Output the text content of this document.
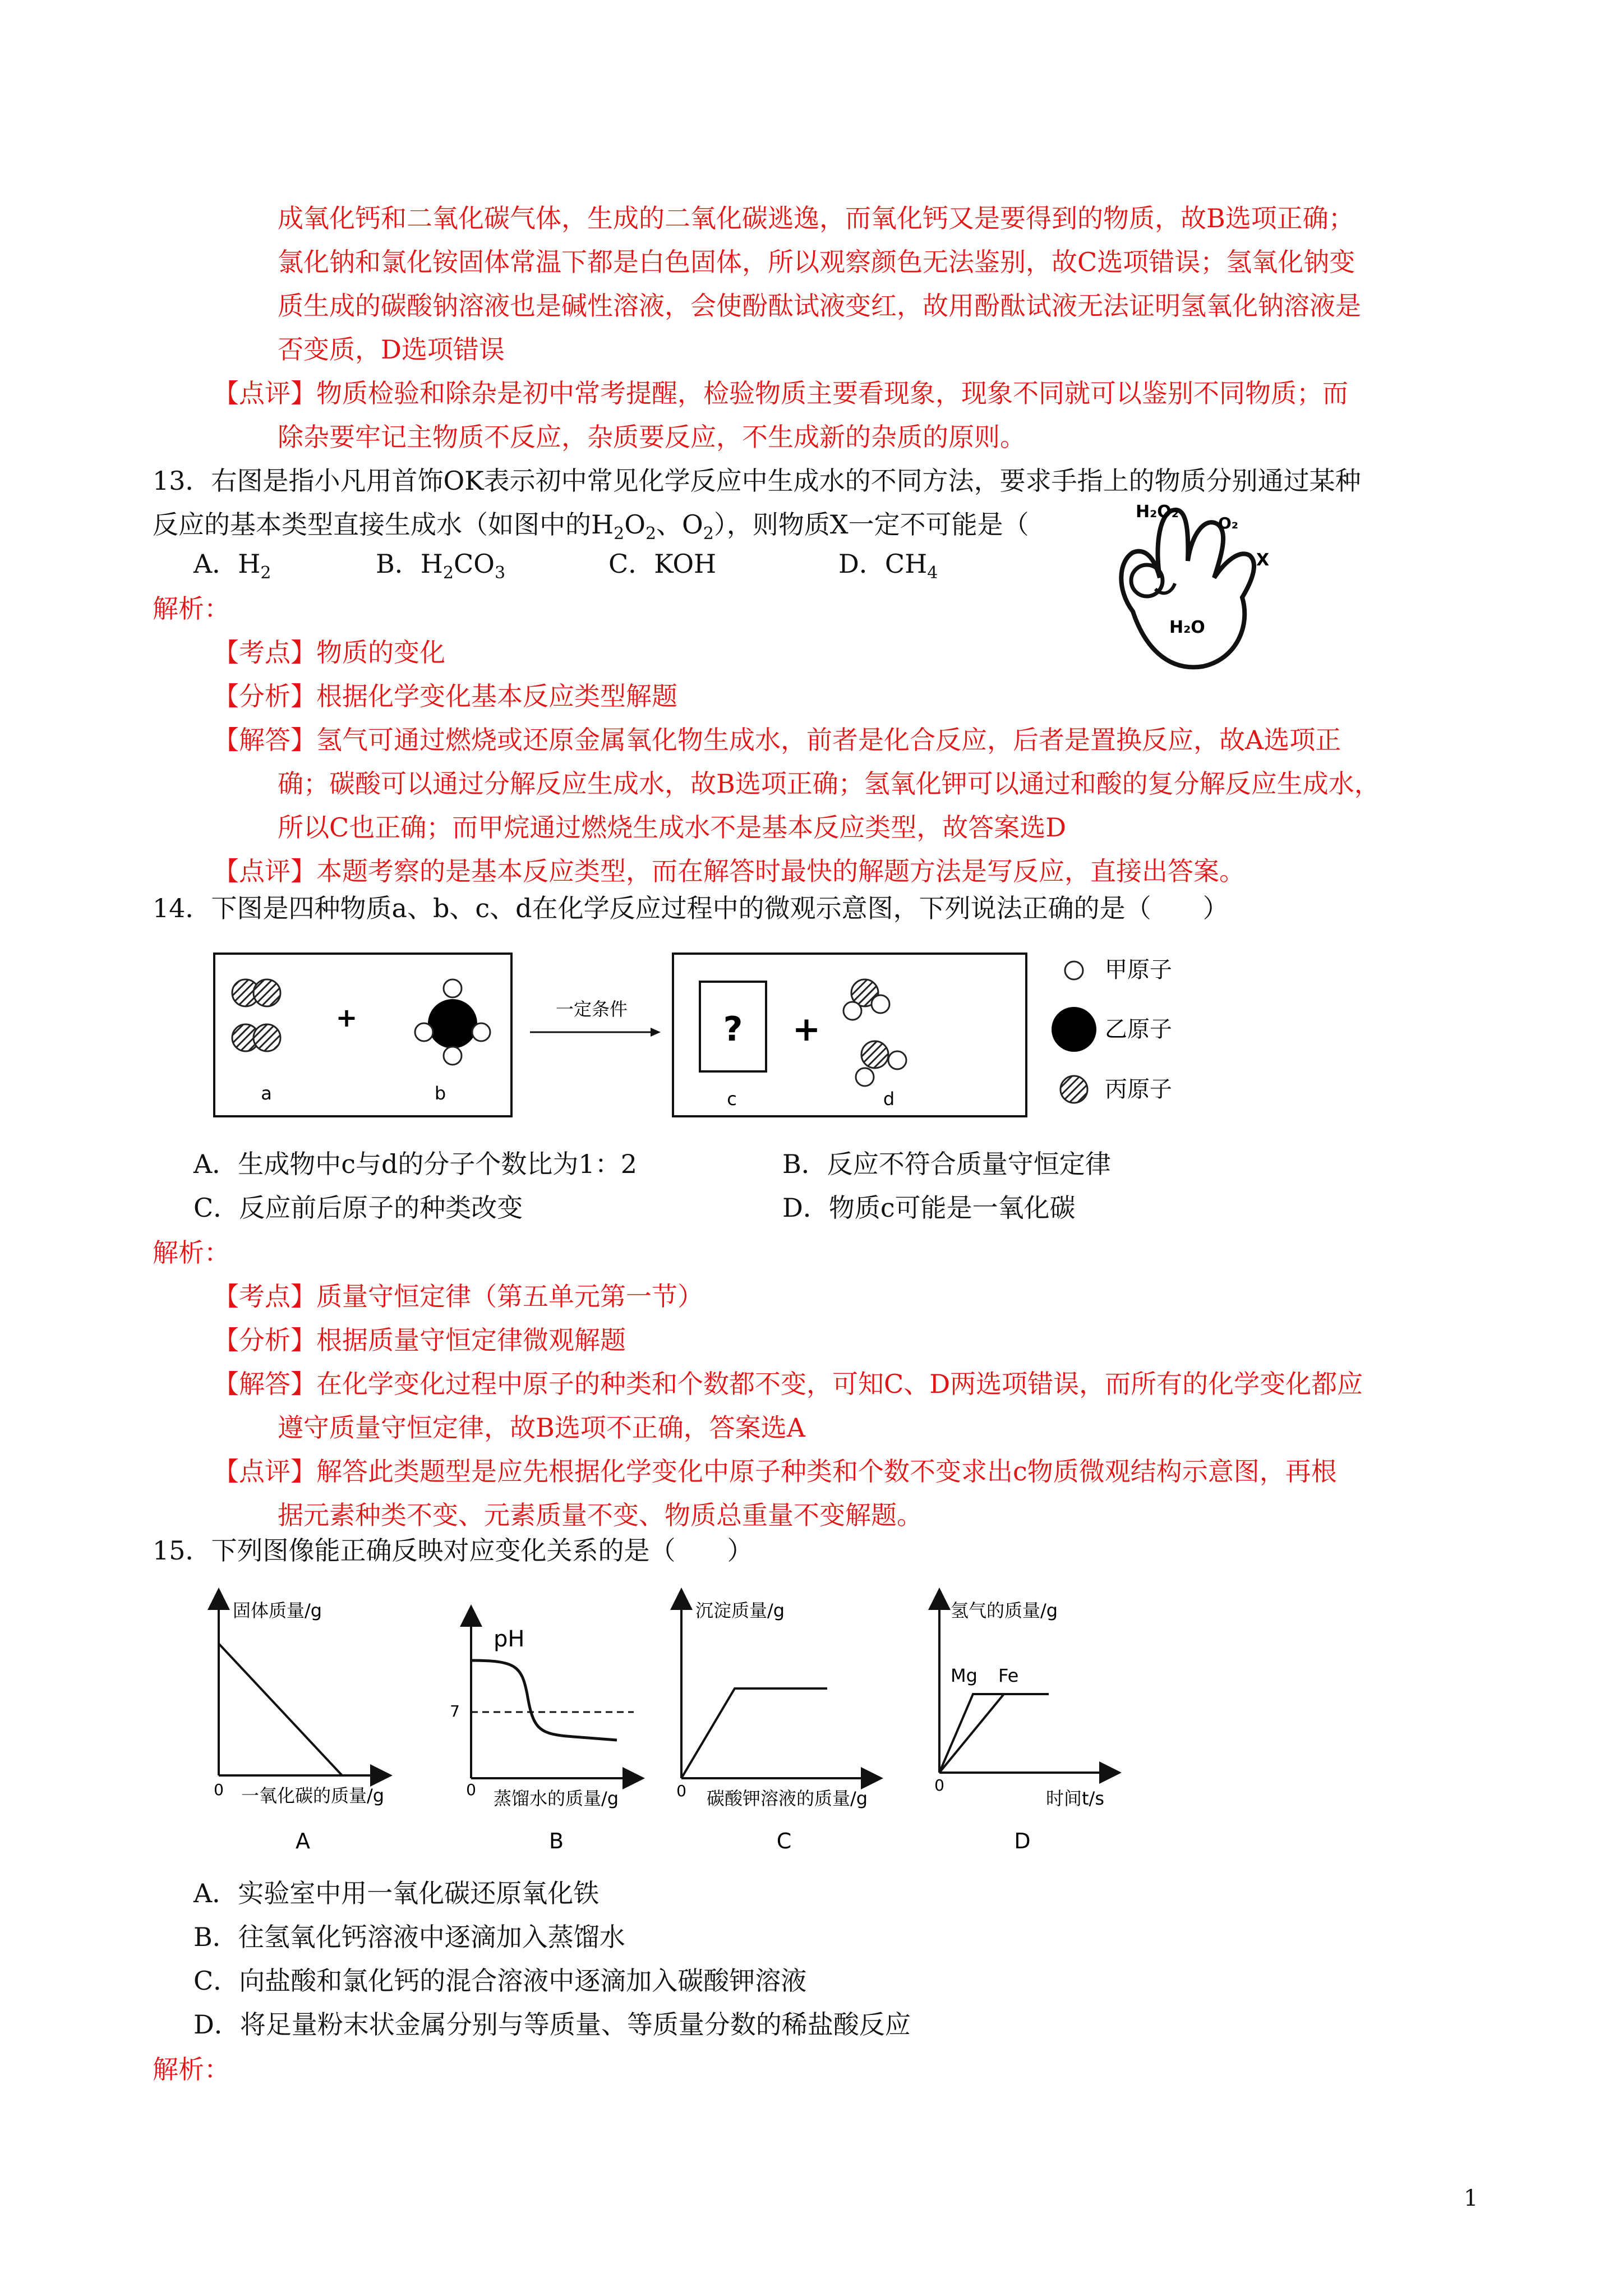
成氧化钙和二氧化碳气体，生成的二氧化碳逃逸，而氧化钙又是要得到的物质，故B选项正确；
氯化钠和氯化铵固体常温下都是白色固体，所以观察颜色无法鉴别，故C选项错误；氢氧化钠变
质生成的碳酸钠溶液也是碱性溶液，会使酚酞试液变红，故用酚酞试液无法证明氢氧化钠溶液是
否变质，D选项错误
【点评】物质检验和除杂是初中常考提醒，检验物质主要看现象，现象不同就可以鉴别不同物质；而
除杂要牢记主物质不反应，杂质要反应，不生成新的杂质的原则。
13．右图是指小凡用首饰OK表示初中常见化学反应中生成水的不同方法，要求手指上的物质分别通过某种
反应的基本类型直接生成水（如图中的$H_2O_2$、$O_2$），则物质X一定不可能是（
A．$H_2$	B．$H_2CO_3$	C．KOH	D．$CH_4$
H₂O₂
O₂
X
H₂O
解析：
【考点】物质的变化
【分析】根据化学变化基本反应类型解题
【解答】氢气可通过燃烧或还原金属氧化物生成水，前者是化合反应，后者是置换反应，故A选项正
确；碳酸可以通过分解反应生成水，故B选项正确；氢氧化钾可以通过和酸的复分解反应生成水，
所以C也正确；而甲烷通过燃烧生成水不是基本反应类型，故答案选D
【点评】本题考察的是基本反应类型，而在解答时最快的解题方法是写反应，直接出答案。
14．下图是四种物质a、b、c、d在化学反应过程中的微观示意图，下列说法正确的是（　　）
+
a	b
一定条件
? +
c	d
甲原子
乙原子
丙原子
A．生成物中c与d的分子个数比为1：2	B．反应不符合质量守恒定律
C．反应前后原子的种类改变	D．物质c可能是一氧化碳
解析：
【考点】质量守恒定律（第五单元第一节）
【分析】根据质量守恒定律微观解题
【解答】在化学变化过程中原子的种类和个数都不变，可知C、D两选项错误，而所有的化学变化都应
遵守质量守恒定律，故B选项不正确，答案选A
【点评】解答此类题型是应先根据化学变化中原子种类和个数不变求出c物质微观结构示意图，再根
据元素种类不变、元素质量不变、物质总重量不变解题。
15．下列图像能正确反映对应变化关系的是（　　）
固体质量/g
0 一氧化碳的质量/g
A
pH
7
0 蒸馏水的质量/g
B
沉淀质量/g
0 碳酸钾溶液的质量/g
C
氢气的质量/g
Mg Fe
0
时间t/s
D
A．实验室中用一氧化碳还原氧化铁
B．往氢氧化钙溶液中逐滴加入蒸馏水
C．向盐酸和氯化钙的混合溶液中逐滴加入碳酸钾溶液
D．将足量粉末状金属分别与等质量、等质量分数的稀盐酸反应
解析：
1
